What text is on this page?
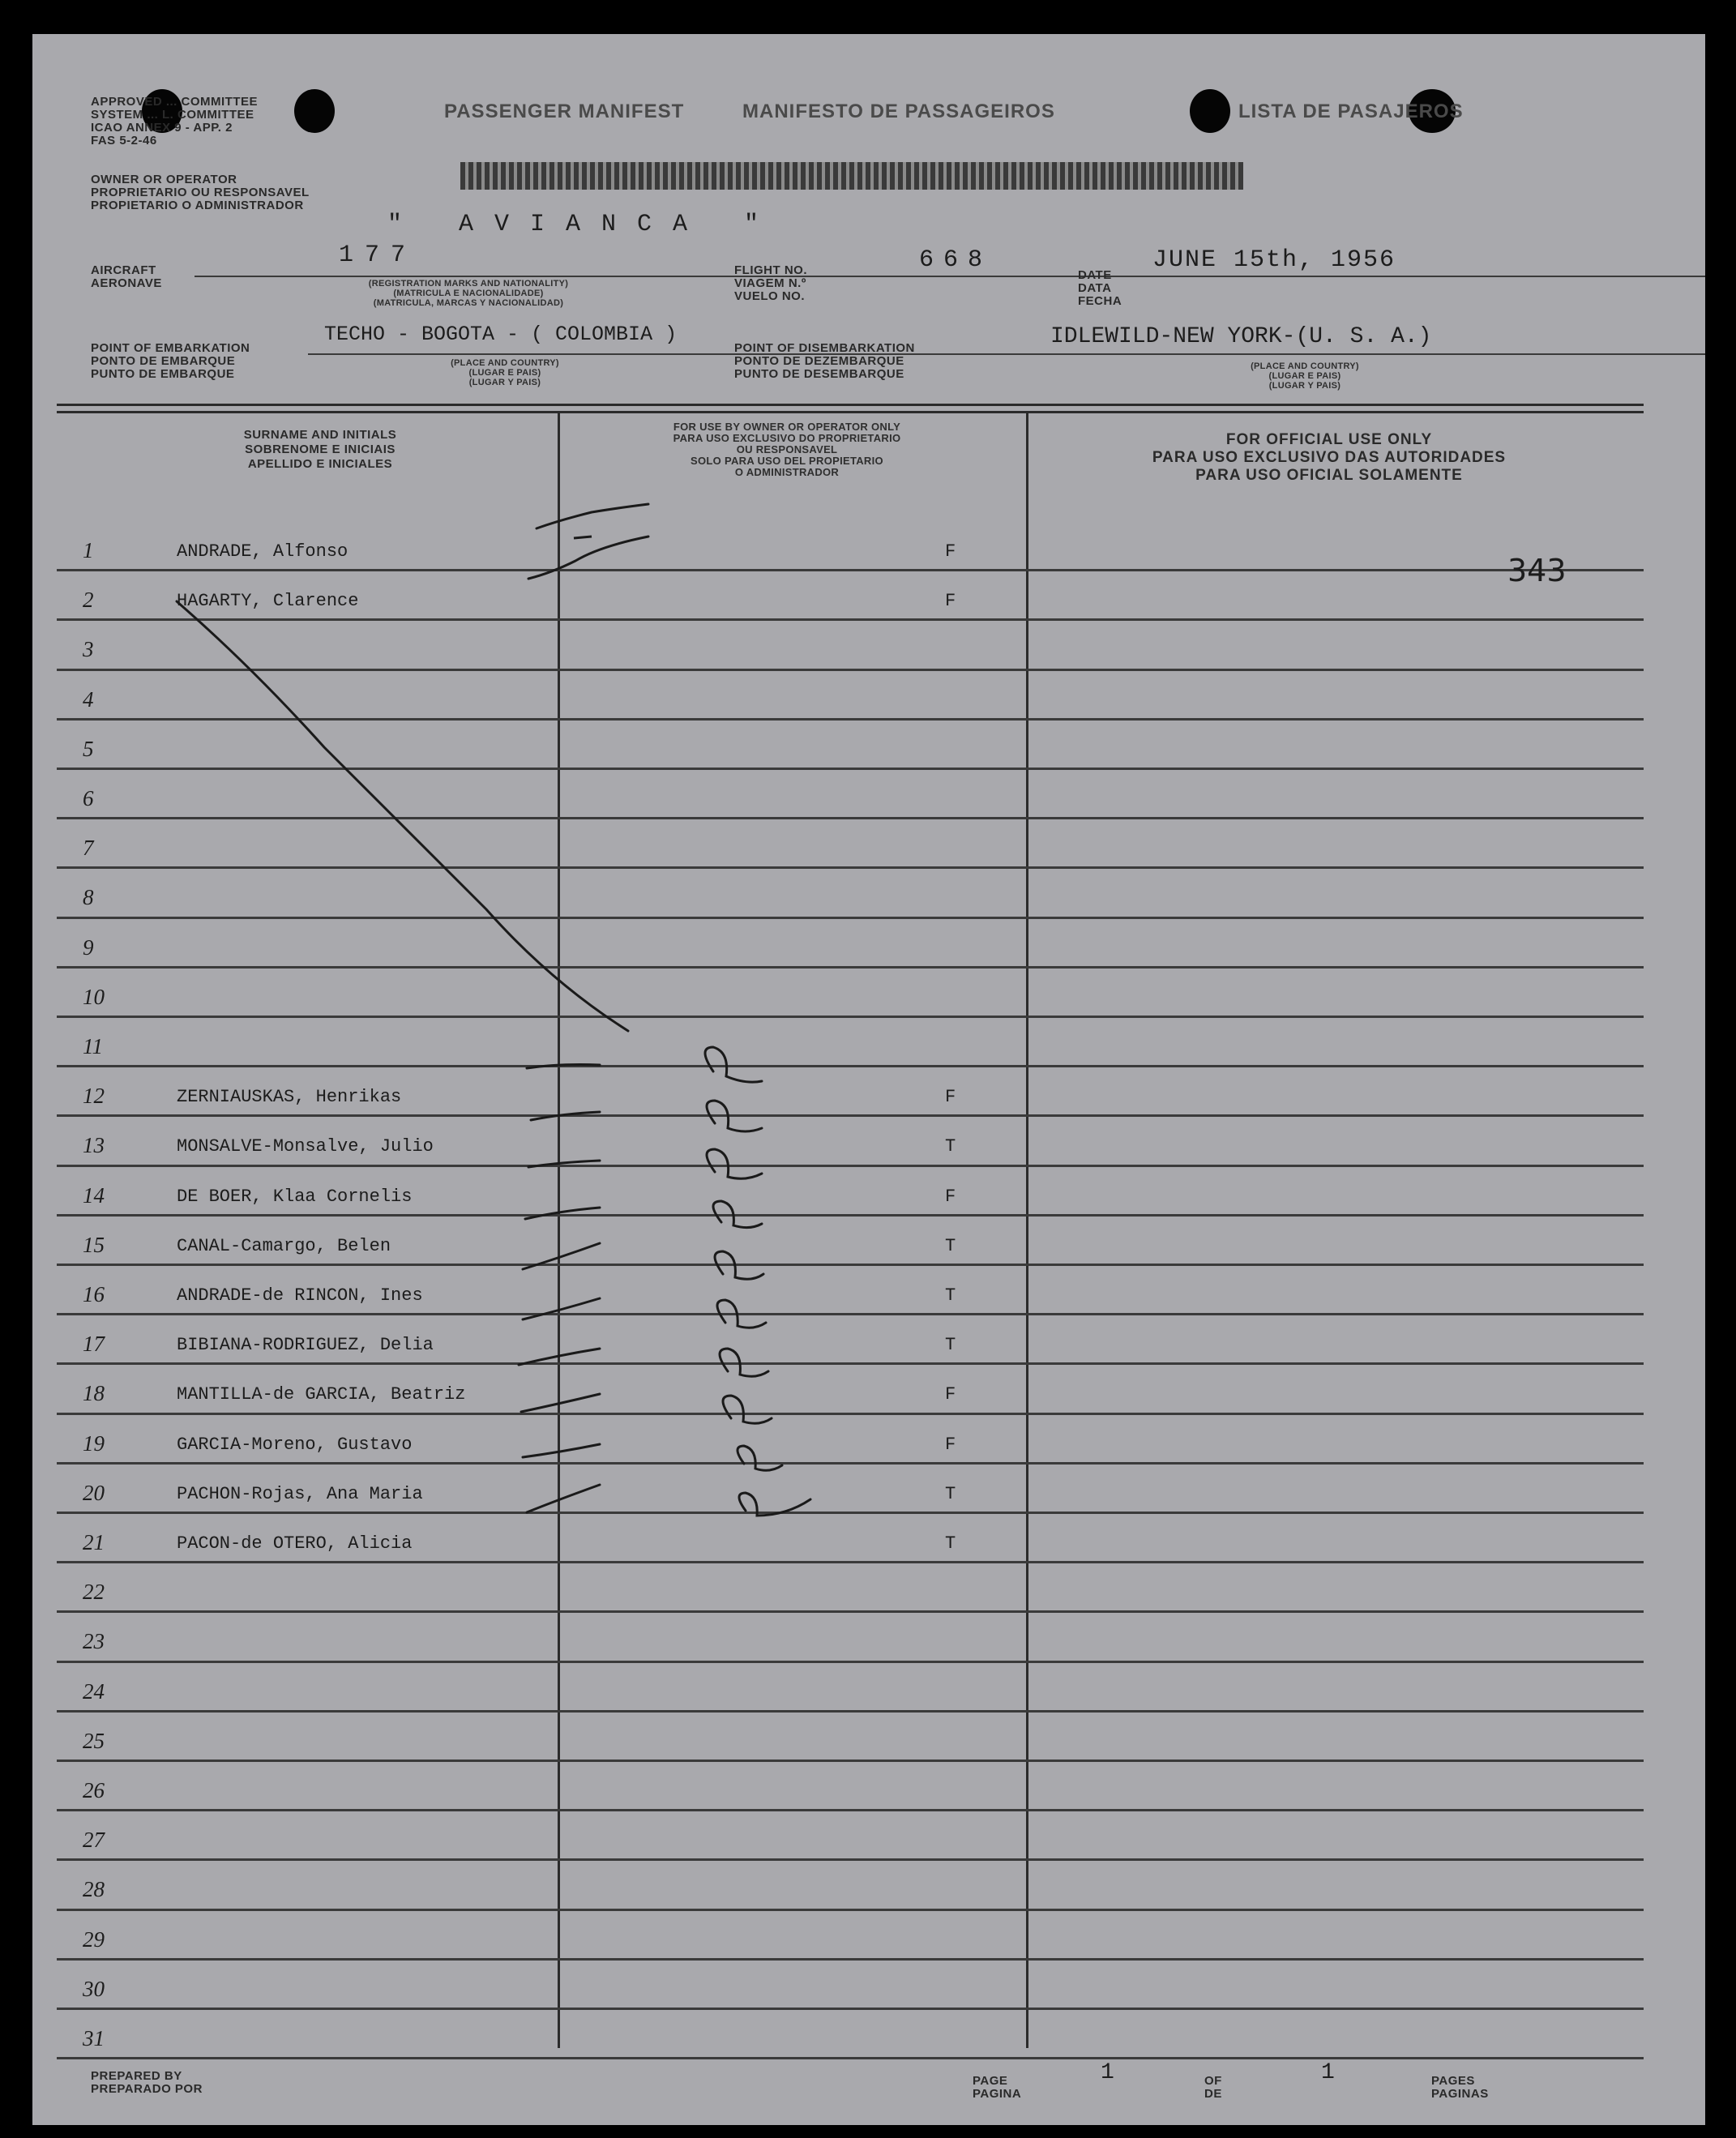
APPROVED ... COMMITTEE
SYSTEM ... L. COMMITTEE
ICAO ANNEX 9 - APP. 2
FAS 5-2-46
PASSENGER MANIFEST	MANIFESTO DE PASSAGEIROS	LISTA DE PASAJEROS
OWNER OR OPERATOR
PROPRIETARIO OU RESPONSAVEL
PROPIETARIO O ADMINISTRADOR
" AVIANCA "
AIRCRAFT
AERONAVE
177
(REGISTRATION MARKS AND NATIONALITY)
(MATRICULA E NACIONALIDADE)
(MATRICULA, MARCAS Y NACIONALIDAD)
FLIGHT NO.
VIAGEM N.º
VUELO NO.
668
DATE
DATA
FECHA
JUNE 15th, 1956
POINT OF EMBARKATION
PONTO DE EMBARQUE
PUNTO DE EMBARQUE
TECHO - BOGOTA - ( COLOMBIA )
(PLACE AND COUNTRY)
(LUGAR E PAIS)
(LUGAR Y PAIS)
POINT OF DISEMBARKATION
PONTO DE DEZEMBARQUE
PUNTO DE DESEMBARQUE
IDLEWILD-NEW YORK-(U. S. A.)
(PLACE AND COUNTRY)
(LUGAR E PAIS)
(LUGAR Y PAIS)
SURNAME AND INITIALS
SOBRENOME E INICIAIS
APELLIDO E INICIALES
FOR USE BY OWNER OR OPERATOR ONLY
PARA USO EXCLUSIVO DO PROPRIETARIO
OU RESPONSAVEL
SOLO PARA USO DEL PROPIETARIO
O ADMINISTRADOR
FOR OFFICIAL USE ONLY
PARA USO EXCLUSIVO DAS AUTORIDADES
PARA USO OFICIAL SOLAMENTE
1	ANDRADE, Alfonso	F
2	HAGARTY, Clarence	F
3
4
5
6
7
8
9
10
11
12	ZERNIAUSKAS, Henrikas	F
13	MONSALVE-Monsalve, Julio	T
14	DE BOER, Klaa Cornelis	F
15	CANAL-Camargo, Belen	T
16	ANDRADE-de RINCON, Ines	T
17	BIBIANA-RODRIGUEZ, Delia	T
18	MANTILLA-de GARCIA, Beatriz	F
19	GARCIA-Moreno, Gustavo	F
20	PACHON-Rojas, Ana Maria	T
21	PACON-de OTERO, Alicia	T
22
23
24
25
26
27
28
29
30
31
343
PREPARED BY
PREPARADO POR
PAGE
PAGINA
1	OF
DE
1	PAGES
PAGINAS
